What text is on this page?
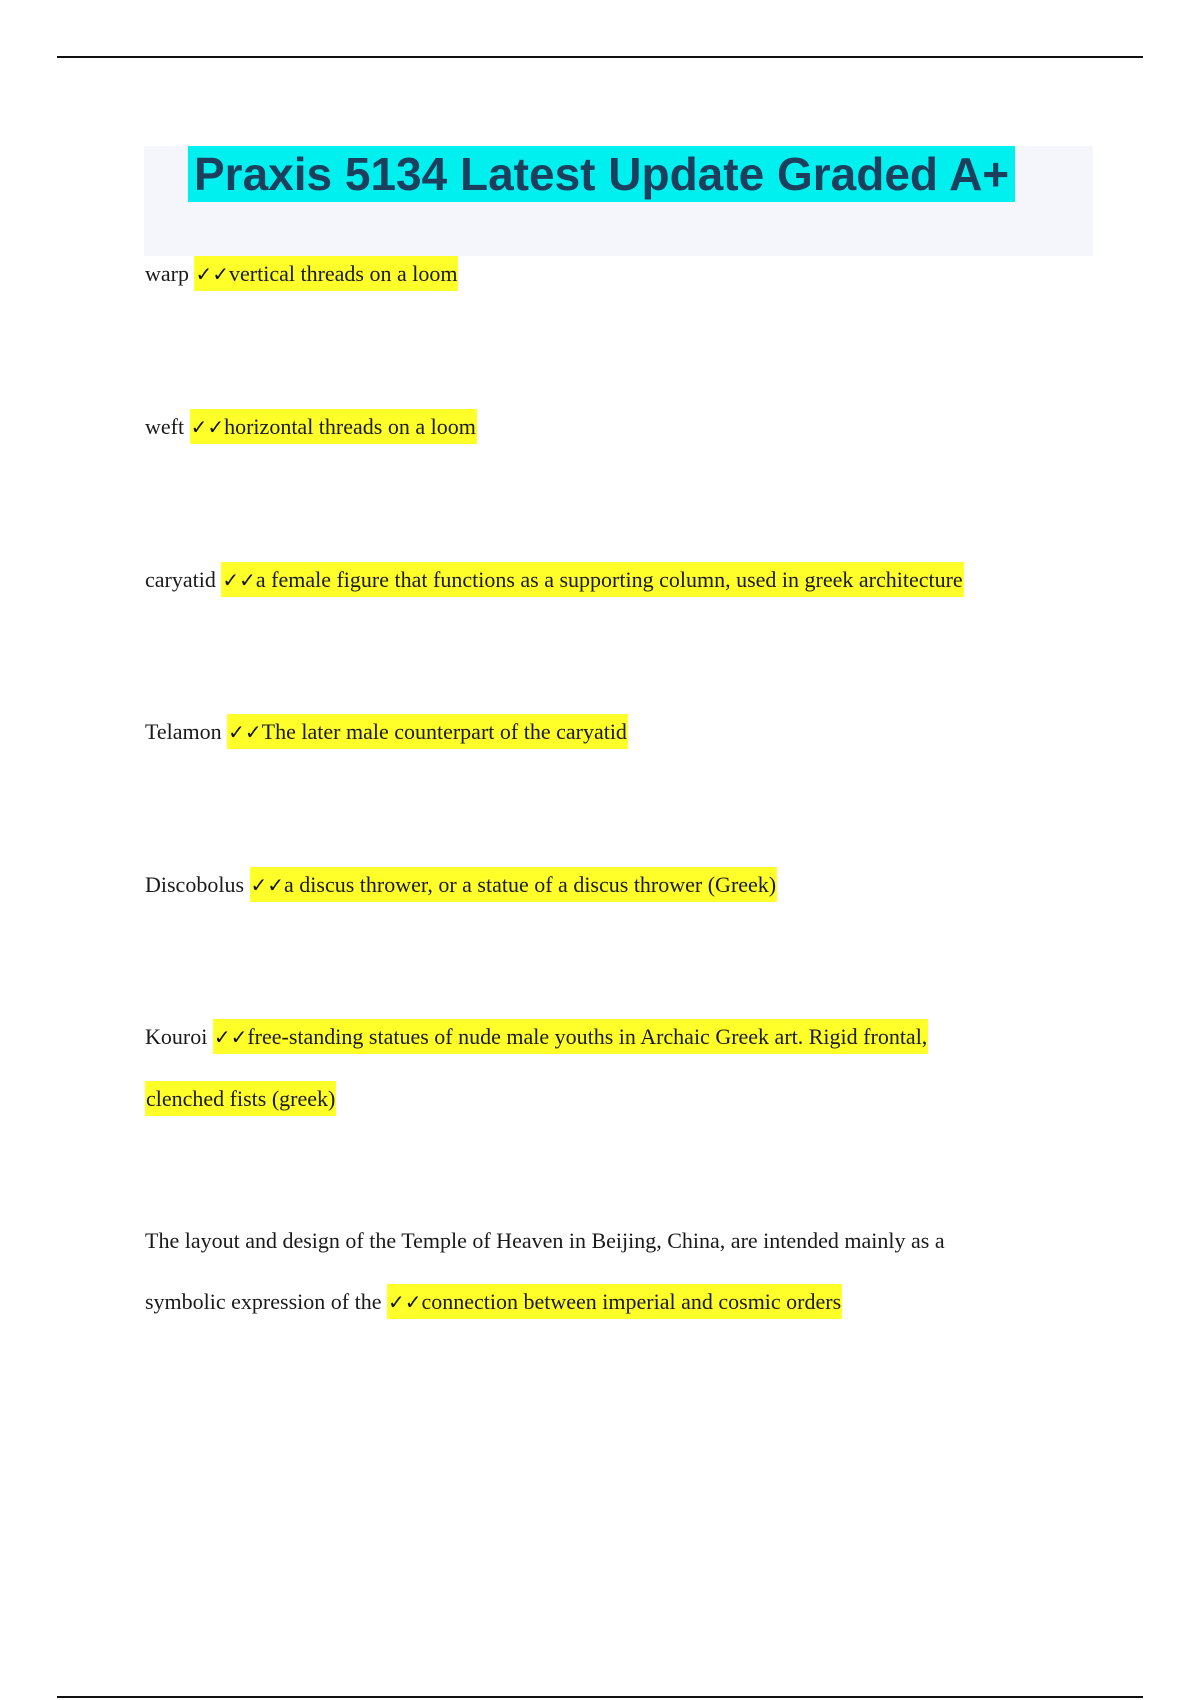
Praxis 5134 Latest Update Graded A+
warp ✓✓vertical threads on a loom
weft ✓✓horizontal threads on a loom
caryatid ✓✓a female figure that functions as a supporting column, used in greek architecture
Telamon ✓✓The later male counterpart of the caryatid
Discobolus ✓✓a discus thrower, or a statue of a discus thrower (Greek)
Kouroi ✓✓free-standing statues of nude male youths in Archaic Greek art. Rigid frontal,
clenched fists (greek)
The layout and design of the Temple of Heaven in Beijing, China, are intended mainly as a
symbolic expression of the ✓✓connection between imperial and cosmic orders
